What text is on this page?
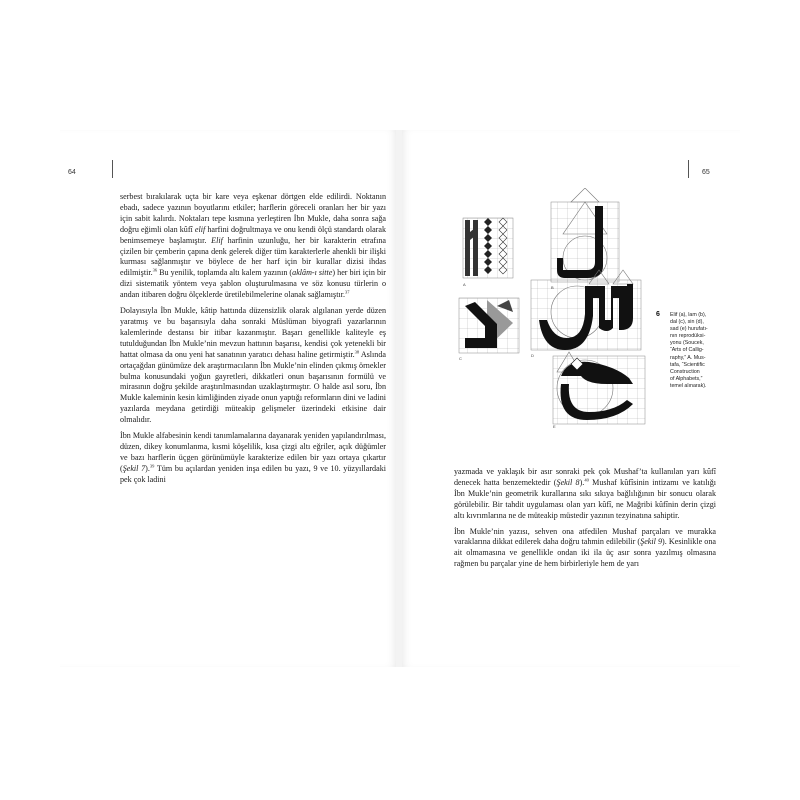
64

serbest bırakılarak uçta bir kare veya eşkenar dörtgen elde edilirdi. Noktanın ebadı, sadece yazının boyutlarını etkiler; harflerin göreceli oranları her bir yazı için sabit kalırdı. Noktaları tepe kısmına yerleştiren İbn Mukle, daha sonra sağa doğru eğimli olan kûfî elif harfini doğrultmaya ve onu kendi ölçü standardı olarak benimsemeye başlamıştır. Elif harfinin uzunluğu, her bir karakterin etrafına çizilen bir çemberin çapına denk gelerek diğer tüm karakterlerle ahenkli bir ilişki kurması sağlanmıştır ve böylece de her harf için bir kurallar dizisi ihdas edilmiştir.$^{36}$ Bu yenilik, toplamda altı kalem yazının (aklâm-ı sitte) her biri için bir dizi sistematik yöntem veya şablon oluşturulmasına ve söz konusu türlerin o andan itibaren doğru ölçeklerde üretilebilmelerine olanak sağlamıştır.$^{37}$

Dolayısıyla İbn Mukle, kâtip hattında düzensizlik olarak algılanan yerde düzen yaratmış ve bu başarısıyla daha sonraki Müslüman biyografi yazarlarının kalemlerinde destansı bir itibar kazanmıştır. Başarı genellikle kaliteyle eş tutulduğundan İbn Mukle’nin mevzun hattının başarısı, kendisi çok yetenekli bir hattat olmasa da onu yeni hat sanatının yaratıcı dehası haline getirmiştir.$^{38}$ Aslında ortaçağdan günümüze dek araştırmacıların İbn Mukle’nin elinden çıkmış örnekler bulma konusundaki yoğun gayretleri, dikkatleri onun başarısının formülü ve mirasının doğru şekilde araştırılmasından uzaklaştırmıştır. O halde asıl soru, İbn Mukle kaleminin kesin kimliğinden ziyade onun yaptığı reformların dini ve ladini yazılarda meydana getirdiği müteakip gelişmeler üzerindeki etkisine dair olmalıdır.

İbn Mukle alfabesinin kendi tanımlamalarına dayanarak yeniden yapılandırılması, düzen, dikey konumlanma, kısmi köşelilik, kısa çizgi altı eğriler, açık düğümler ve bazı harflerin üçgen görünümüyle karakterize edilen bir yazı ortaya çıkartır (Şekil 7).$^{39}$ Tüm bu açılardan yeniden inşa edilen bu yazı, 9 ve 10. yüzyıllardaki pek çok ladini

65
A
B
C
D
E
6 Elif (a), lam (b),
dal (c), sin (d),
sad (e) hurufatı-
nın reprodüksi-
yonu (Soucek,
“Arts of Callig-
raphy,” A. Mus-
tafa, “Scientific
Construction
of Alphabets,”
temel alınarak).

yazmada ve yaklaşık bir asır sonraki pek çok Mushaf’ta kullanılan yarı kûfî denecek hatta benzemektedir (Şekil 8).$^{40}$ Mushaf kûfîsinin intizamı ve katılığı İbn Mukle’nin geometrik kurallarına sıkı sıkıya bağlılığının bir sonucu olarak görülebilir. Bir tahdit uygulaması olan yarı kûfî, ne Mağribi kûfînin derin çizgi altı kıvrımlarına ne de müteakip müstedir yazının tezyinatına sahiptir.

İbn Mukle’nin yazısı, sehven ona atfedilen Mushaf parçaları ve murakka varaklarına dikkat edilerek daha doğru tahmin edilebilir (Şekil 9). Kesinlikle ona ait olmamasına ve genellikle ondan iki ila üç asır sonra yazılmış olmasına rağmen bu parçalar yine de hem birbirleriyle hem de yarı
